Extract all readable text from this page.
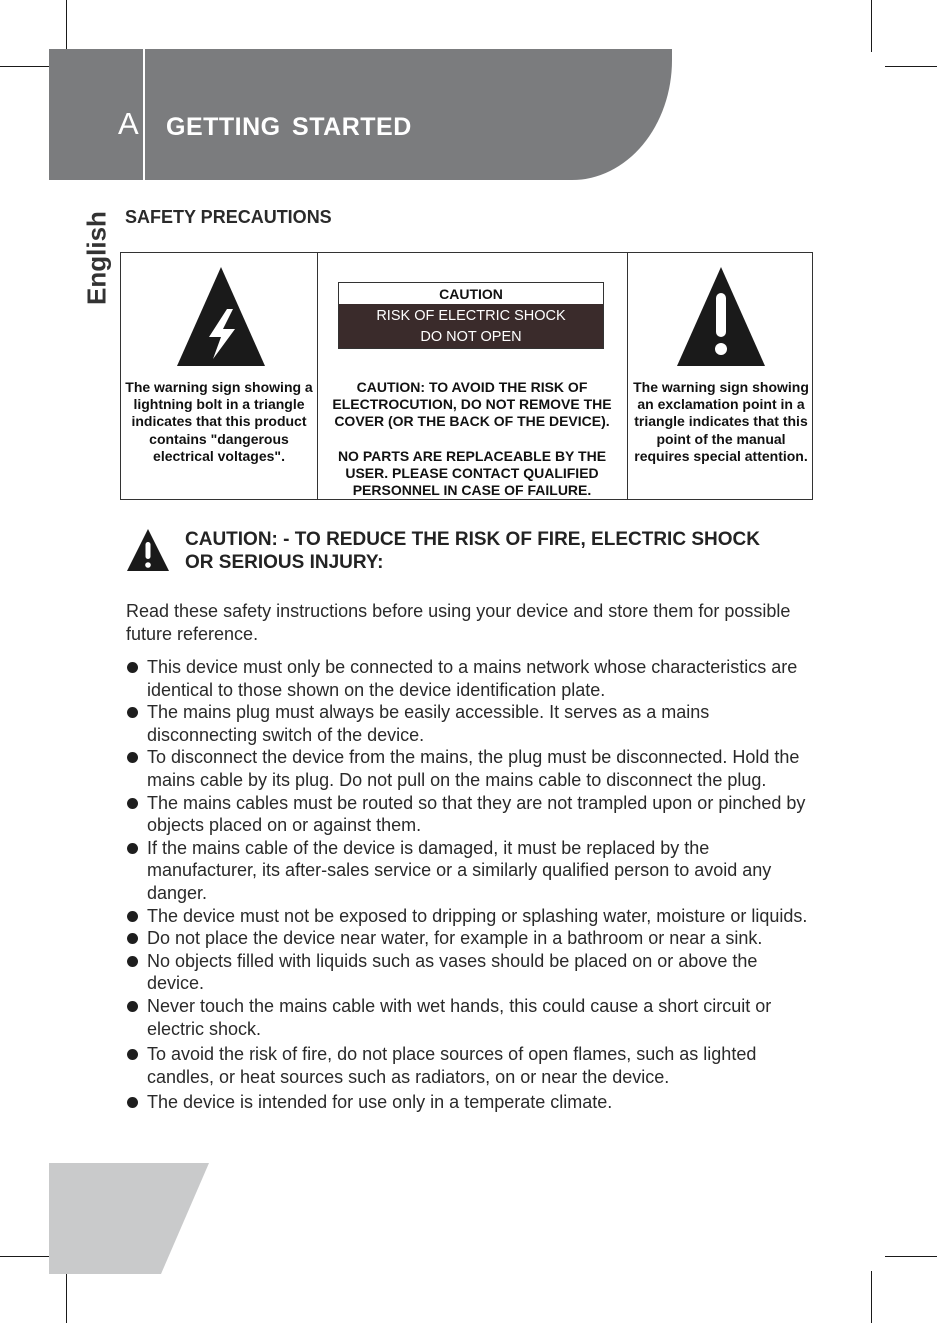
A GETTING STARTED
English SAFETY PRECAUTIONS
The warning sign showing a lightning bolt in a triangle indicates that this product contains "dangerous electrical voltages".
CAUTION: TO AVOID THE RISK OF ELECTROCUTION, DO NOT REMOVE THE COVER (OR THE BACK OF THE DEVICE).
NO PARTS ARE REPLACEABLE BY THE USER. PLEASE CONTACT QUALIFIED PERSONNEL IN CASE OF FAILURE.
The warning sign showing an exclamation point in a triangle indicates that this point of the manual requires special attention.
CAUTION
RISK OF ELECTRIC SHOCK
DO NOT OPEN
CAUTION: - TO REDUCE THE RISK OF FIRE, ELECTRIC SHOCK
OR SERIOUS INJURY:
Read these safety instructions before using your device and store them for possible future reference.
This device must only be connected to a mains network whose characteristics are identical to those shown on the device identification plate.
The mains plug must always be easily accessible. It serves as a mains disconnecting switch of the device.
To disconnect the device from the mains, the plug must be disconnected. Hold the mains cable by its plug. Do not pull on the mains cable to disconnect the plug.
The mains cables must be routed so that they are not trampled upon or pinched by objects placed on or against them.
If the mains cable of the device is damaged, it must be replaced by the manufacturer, its after-sales service or a similarly qualified person to avoid any danger.
The device must not be exposed to dripping or splashing water, moisture or liquids.
Do not place the device near water, for example in a bathroom or near a sink.
No objects filled with liquids such as vases should be placed on or above the device.
Never touch the mains cable with wet hands, this could cause a short circuit or electric shock.
To avoid the risk of fire, do not place sources of open flames, such as lighted candles, or heat sources such as radiators, on or near the device.
The device is intended for use only in a temperate climate.
